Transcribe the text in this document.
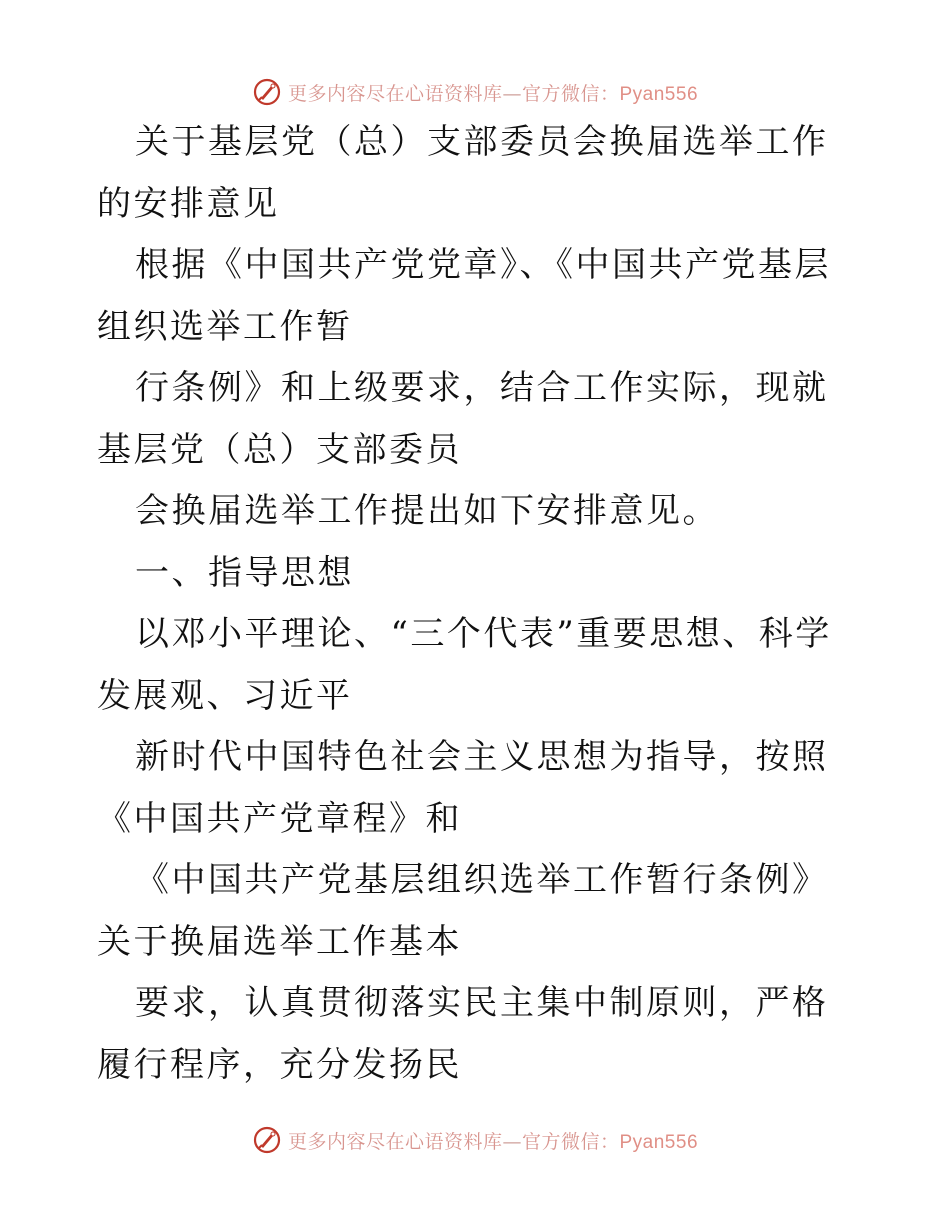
更多内容尽在心语资料库—官方微信：Pyan556

关于基层党（总）支部委员会换届选举工作的安排意见

根据《中国共产党党章》、《中国共产党基层组织选举工作暂

行条例》和上级要求，结合工作实际，现就基层党（总）支部委员

会换届选举工作提出如下安排意见。

一、指导思想

以邓小平理论、“三个代表”重要思想、科学发展观、习近平

新时代中国特色社会主义思想为指导，按照《中国共产党章程》和

《中国共产党基层组织选举工作暂行条例》关于换届选举工作基本

要求，认真贯彻落实民主集中制原则，严格履行程序，充分发扬民

更多内容尽在心语资料库—官方微信：Pyan556
